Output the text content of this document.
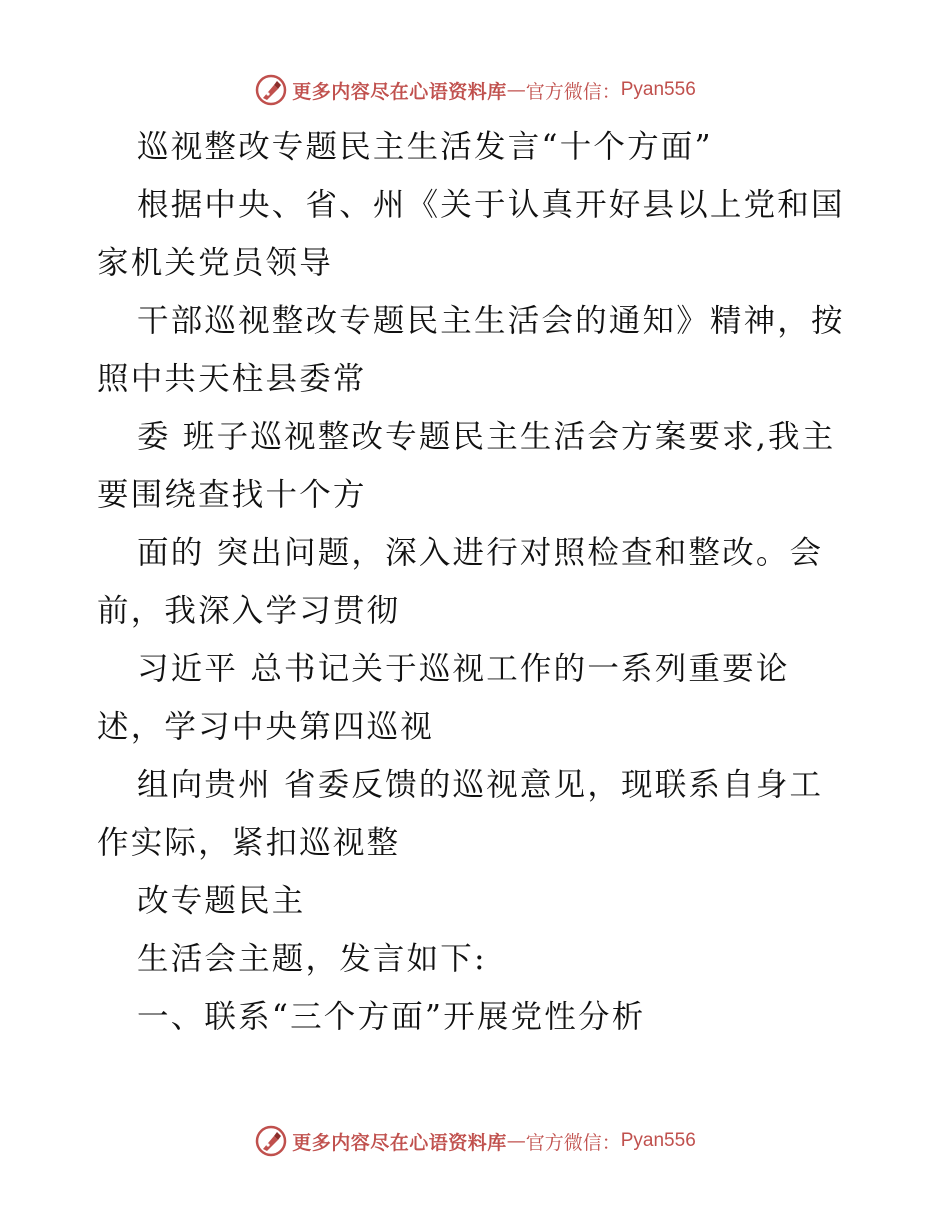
更多内容尽在心语资料库 — 官方微信： Pyan556

巡视整改专题民主生活发言“十个方面”

根据中央、省、州《关于认真开好县以上党和国

家机关党员领导

干部巡视整改专题民主生活会的通知》精神，按

照中共天柱县委常

委 班子巡视整改专题民主生活会方案要求,我主

要围绕查找十个方

面的 突出问题，深入进行对照检查和整改。会

前，我深入学习贯彻

习近平 总书记关于巡视工作的一系列重要论

述，学习中央第四巡视

组向贵州 省委反馈的巡视意见，现联系自身工

作实际，紧扣巡视整

改专题民主

生活会主题，发言如下:

一、联系“三个方面”开展党性分析

更多内容尽在心语资料库 — 官方微信： Pyan556
